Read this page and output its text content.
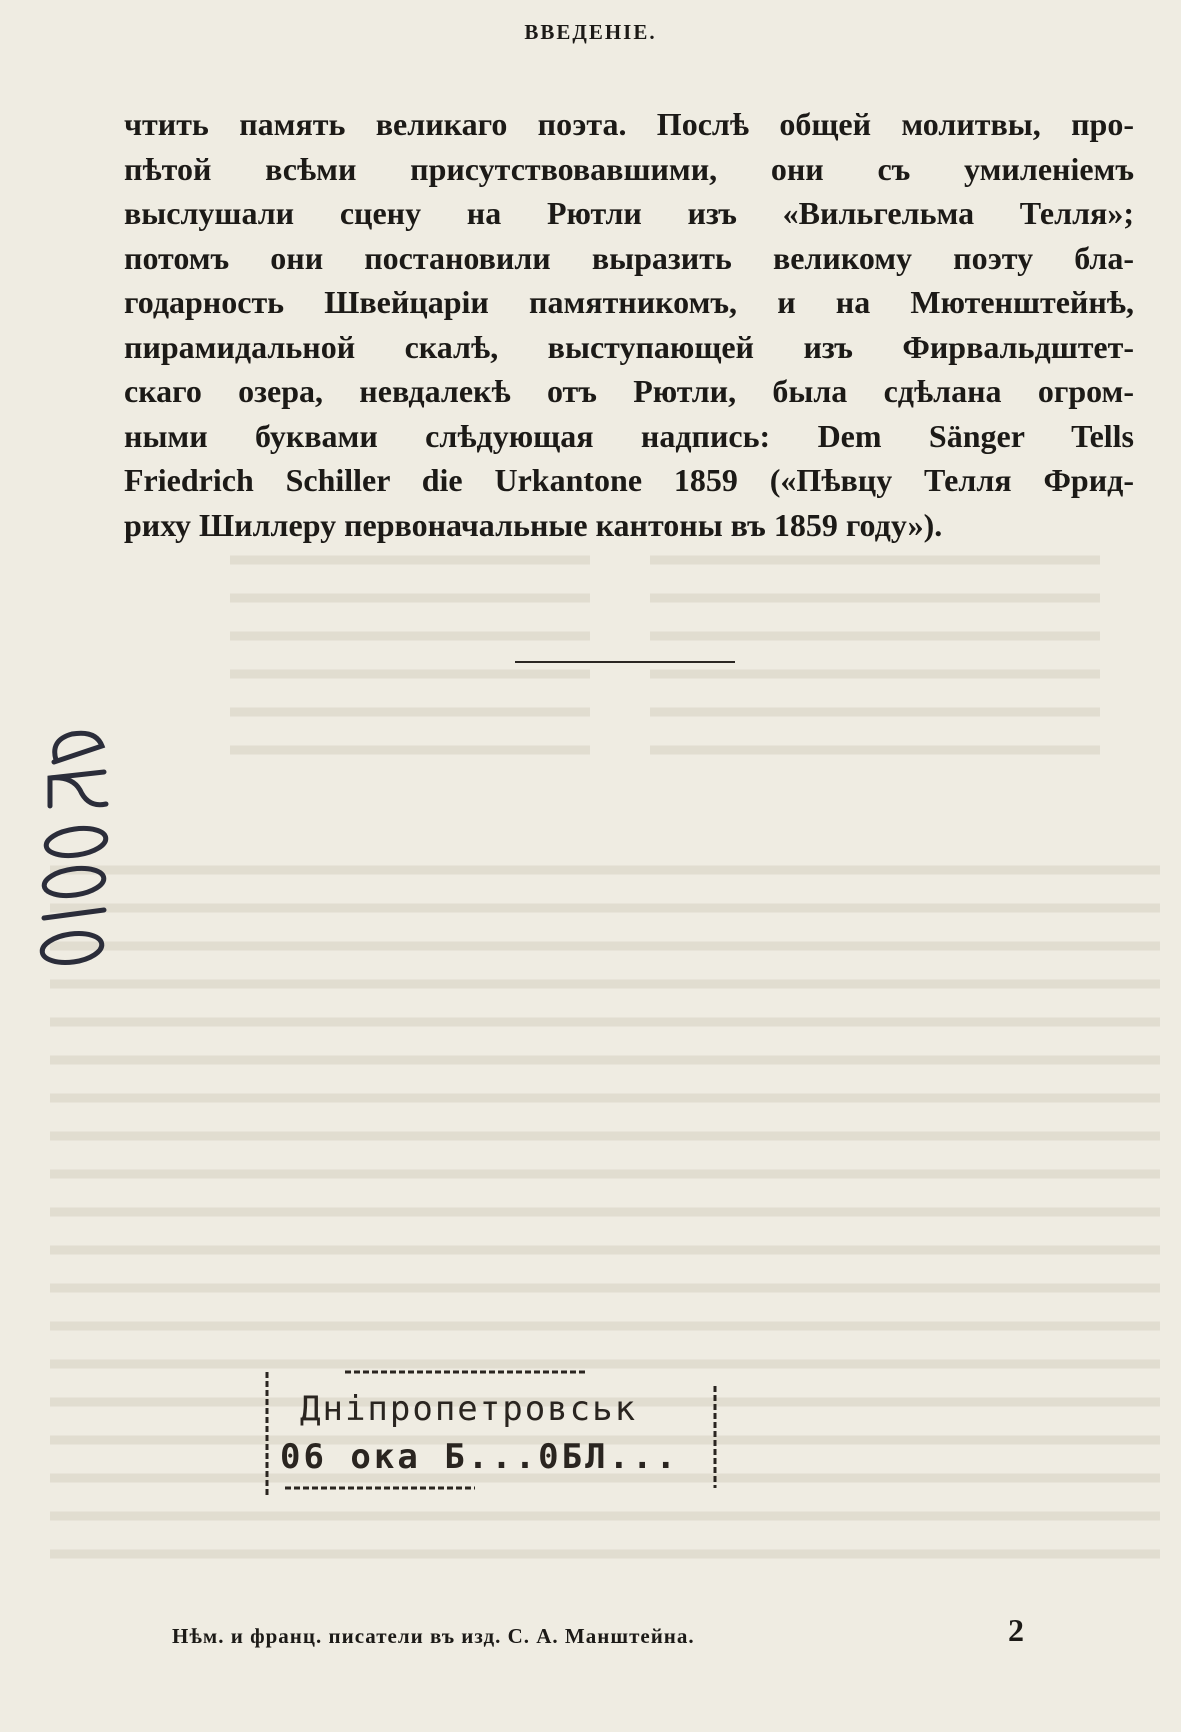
ВВЕДЕНІЕ.
чтить память великаго поэта. Послѣ общей молитвы, про-
пѣтой всѣми присутствовавшими, они съ умиленіемъ
выслушали сцену на Рютли изъ «Вильгельма Телля»;
потомъ они постановили выразить великому поэту бла-
годарность Швейцаріи памятникомъ, и на Мютенштейнѣ,
пирамидальной скалѣ, выступающей изъ Фирвальдштет-
скаго озера, невдалекѣ отъ Рютли, была сдѣлана огром-
ными буквами слѣдующая надпись: Dem Sänger Tells
Friedrich Schiller die Urkantone 1859 («Пѣвцу Телля Фрид-
риху Шиллеру первоначальные кантоны въ 1859 году»).
Днiпропетровськ
06 ока Б...0БЛ...
Нѣм. и франц. писатели въ изд. С. А. Манштейна.	2
